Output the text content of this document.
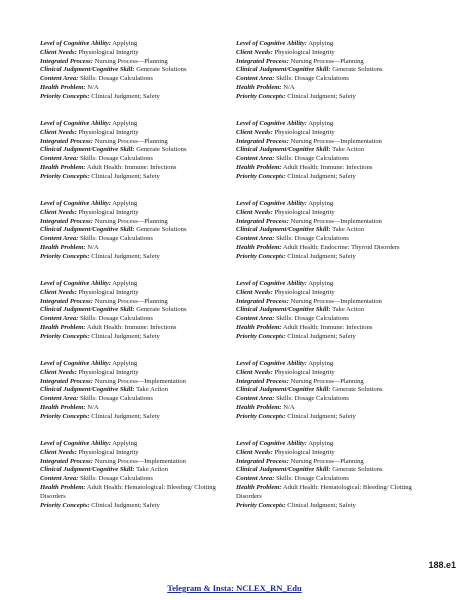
Level of Cognitive Ability: Applying
Client Needs: Physiological Integrity
Integrated Process: Nursing Process—Planning
Clinical Judgment/Cognitive Skill: Generate Solutions
Content Area: Skills: Dosage Calculations
Health Problem: N/A
Priority Concepts: Clinical Judgment; Safety
Level of Cognitive Ability: Applying
Client Needs: Physiological Integrity
Integrated Process: Nursing Process—Planning
Clinical Judgment/Cognitive Skill: Generate Solutions
Content Area: Skills: Dosage Calculations
Health Problem: Adult Health: Immune: Infections
Priority Concepts: Clinical Judgment; Safety
Level of Cognitive Ability: Applying
Client Needs: Physiological Integrity
Integrated Process: Nursing Process—Planning
Clinical Judgment/Cognitive Skill: Generate Solutions
Content Area: Skills: Dosage Calculations
Health Problem: N/A
Priority Concepts: Clinical Judgment; Safety
Level of Cognitive Ability: Applying
Client Needs: Physiological Integrity
Integrated Process: Nursing Process—Planning
Clinical Judgment/Cognitive Skill: Generate Solutions
Content Area: Skills: Dosage Calculations
Health Problem: Adult Health: Immune: Infections
Priority Concepts: Clinical Judgment; Safety
Level of Cognitive Ability: Applying
Client Needs: Physiological Integrity
Integrated Process: Nursing Process—Implementation
Clinical Judgment/Cognitive Skill: Take Action
Content Area: Skills: Dosage Calculations
Health Problem: N/A
Priority Concepts: Clinical Judgment; Safety
Level of Cognitive Ability: Applying
Client Needs: Physiological Integrity
Integrated Process: Nursing Process—Implementation
Clinical Judgment/Cognitive Skill: Take Action
Content Area: Skills: Dosage Calculations
Health Problem: Adult Health: Hematological: Bleeding/ Clotting Disorders
Priority Concepts: Clinical Judgment; Safety
Level of Cognitive Ability: Applying
Client Needs: Physiological Integrity
Integrated Process: Nursing Process—Planning
Clinical Judgment/Cognitive Skill: Generate Solutions
Content Area: Skills: Dosage Calculations
Health Problem: N/A
Priority Concepts: Clinical Judgment; Safety
Level of Cognitive Ability: Applying
Client Needs: Physiological Integrity
Integrated Process: Nursing Process—Implementation
Clinical Judgment/Cognitive Skill: Take Action
Content Area: Skills: Dosage Calculations
Health Problem: Adult Health: Immune: Infections
Priority Concepts: Clinical Judgment; Safety
Level of Cognitive Ability: Applying
Client Needs: Physiological Integrity
Integrated Process: Nursing Process—Implementation
Clinical Judgment/Cognitive Skill: Take Action
Content Area: Skills: Dosage Calculations
Health Problem: Adult Health: Endocrine: Thyroid Disorders
Priority Concepts: Clinical Judgment; Safety
Level of Cognitive Ability: Applying
Client Needs: Physiological Integrity
Integrated Process: Nursing Process—Implementation
Clinical Judgment/Cognitive Skill: Take Action
Content Area: Skills: Dosage Calculations
Health Problem: Adult Health: Immune: Infections
Priority Concepts: Clinical Judgment; Safety
Level of Cognitive Ability: Applying
Client Needs: Physiological Integrity
Integrated Process: Nursing Process—Planning
Clinical Judgment/Cognitive Skill: Generate Solutions
Content Area: Skills: Dosage Calculations
Health Problem: N/A
Priority Concepts: Clinical Judgment; Safety
Level of Cognitive Ability: Applying
Client Needs: Physiological Integrity
Integrated Process: Nursing Process—Planning
Clinical Judgment/Cognitive Skill: Generate Solutions
Content Area: Skills: Dosage Calculations
Health Problem: Adult Health: Hematological: Bleeding/ Clotting Disorders
Priority Concepts: Clinical Judgment; Safety
188.e1
Telegram & Insta: NCLEX_RN_Edu
